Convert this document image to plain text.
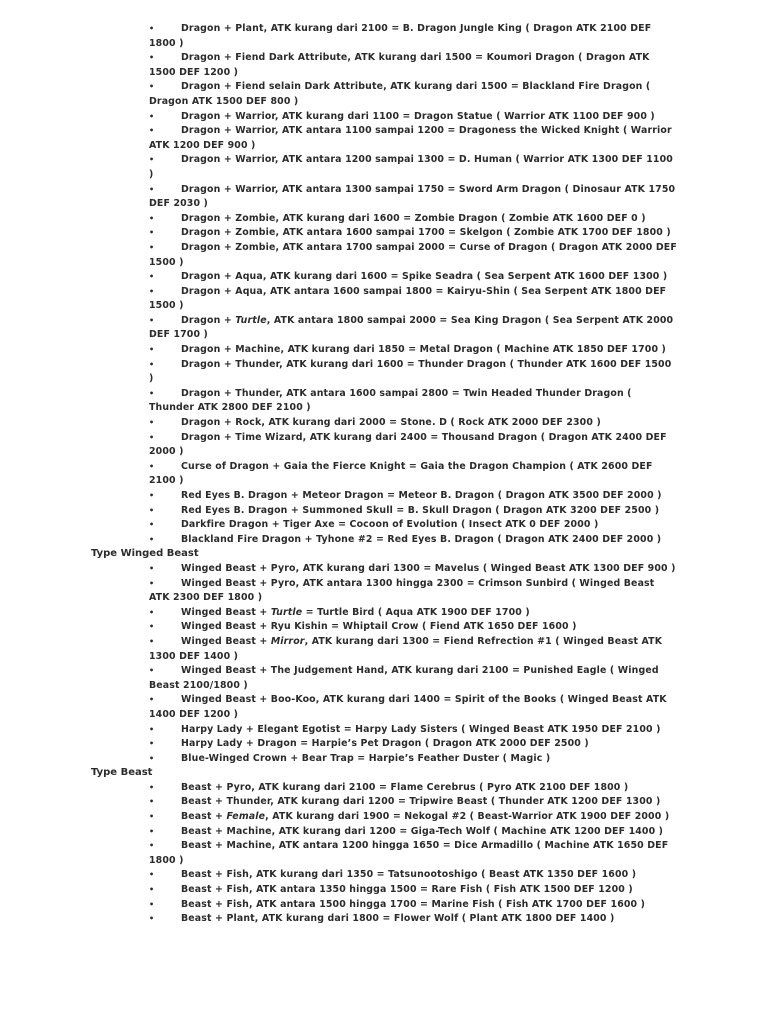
•	Dragon + Plant, ATK kurang dari 2100 = B. Dragon Jungle King ( Dragon ATK 2100 DEF 1800 )
•	Dragon + Fiend Dark Attribute, ATK kurang dari 1500 = Koumori Dragon ( Dragon ATK 1500 DEF 1200 )
•	Dragon + Fiend selain Dark Attribute, ATK kurang dari 1500 = Blackland Fire Dragon ( Dragon ATK 1500 DEF 800 )
•	Dragon + Warrior, ATK kurang dari 1100 = Dragon Statue ( Warrior ATK 1100 DEF 900 )
•	Dragon + Warrior, ATK antara 1100 sampai 1200 = Dragoness the Wicked Knight ( Warrior ATK 1200 DEF 900 )
•	Dragon + Warrior, ATK antara 1200 sampai 1300 = D. Human ( Warrior ATK 1300 DEF 1100 )
•	Dragon + Warrior, ATK antara 1300 sampai 1750 = Sword Arm Dragon ( Dinosaur ATK 1750 DEF 2030 )
•	Dragon + Zombie, ATK kurang dari 1600 = Zombie Dragon ( Zombie ATK 1600 DEF 0 )
•	Dragon + Zombie, ATK antara 1600 sampai 1700 = Skelgon ( Zombie ATK 1700 DEF 1800 )
•	Dragon + Zombie, ATK antara 1700 sampai 2000 = Curse of Dragon ( Dragon ATK 2000 DEF 1500 )
•	Dragon + Aqua, ATK kurang dari 1600 = Spike Seadra ( Sea Serpent ATK 1600 DEF 1300 )
•	Dragon + Aqua, ATK antara 1600 sampai 1800 = Kairyu-Shin ( Sea Serpent ATK 1800 DEF 1500 )
•	Dragon + Turtle, ATK antara 1800 sampai 2000 = Sea King Dragon ( Sea Serpent ATK 2000 DEF 1700 )
•	Dragon + Machine, ATK kurang dari 1850 = Metal Dragon ( Machine ATK 1850 DEF 1700 )
•	Dragon + Thunder, ATK kurang dari 1600 = Thunder Dragon ( Thunder ATK 1600 DEF 1500 )
•	Dragon + Thunder, ATK antara 1600 sampai 2800 = Twin Headed Thunder Dragon ( Thunder ATK 2800 DEF 2100 )
•	Dragon + Rock, ATK kurang dari 2000 = Stone. D ( Rock ATK 2000 DEF 2300 )
•	Dragon + Time Wizard, ATK kurang dari 2400 = Thousand Dragon ( Dragon ATK 2400 DEF 2000 )
•	Curse of Dragon + Gaia the Fierce Knight = Gaia the Dragon Champion ( ATK 2600 DEF 2100 )
•	Red Eyes B. Dragon + Meteor Dragon = Meteor B. Dragon ( Dragon ATK 3500 DEF 2000 )
•	Red Eyes B. Dragon + Summoned Skull = B. Skull Dragon ( Dragon ATK 3200 DEF 2500 )
•	Darkfire Dragon + Tiger Axe = Cocoon of Evolution ( Insect ATK 0 DEF 2000 )
•	Blackland Fire Dragon + Tyhone #2 = Red Eyes B. Dragon ( Dragon ATK 2400 DEF 2000 )
Type Winged Beast
•	Winged Beast + Pyro, ATK kurang dari 1300 = Mavelus ( Winged Beast ATK 1300 DEF 900 )
•	Winged Beast + Pyro, ATK antara 1300 hingga 2300 = Crimson Sunbird ( Winged Beast ATK 2300 DEF 1800 )
•	Winged Beast + Turtle = Turtle Bird ( Aqua ATK 1900 DEF 1700 )
•	Winged Beast + Ryu Kishin = Whiptail Crow ( Fiend ATK 1650 DEF 1600 )
•	Winged Beast + Mirror, ATK kurang dari 1300 = Fiend Refrection #1 ( Winged Beast ATK 1300 DEF 1400 )
•	Winged Beast + The Judgement Hand, ATK kurang dari 2100 = Punished Eagle ( Winged Beast 2100/1800 )
•	Winged Beast + Boo-Koo, ATK kurang dari 1400 = Spirit of the Books ( Winged Beast ATK 1400 DEF 1200 )
•	Harpy Lady + Elegant Egotist = Harpy Lady Sisters ( Winged Beast ATK 1950 DEF 2100 )
•	Harpy Lady + Dragon = Harpie’s Pet Dragon ( Dragon ATK 2000 DEF 2500 )
•	Blue-Winged Crown + Bear Trap = Harpie’s Feather Duster ( Magic )
Type Beast
•	Beast + Pyro, ATK kurang dari 2100 = Flame Cerebrus ( Pyro ATK 2100 DEF 1800 )
•	Beast + Thunder, ATK kurang dari 1200 = Tripwire Beast ( Thunder ATK 1200 DEF 1300 )
•	Beast + Female, ATK kurang dari 1900 = Nekogal #2 ( Beast-Warrior ATK 1900 DEF 2000 )
•	Beast + Machine, ATK kurang dari 1200 = Giga-Tech Wolf ( Machine ATK 1200 DEF 1400 )
•	Beast + Machine, ATK antara 1200 hingga 1650 = Dice Armadillo ( Machine ATK 1650 DEF 1800 )
•	Beast + Fish, ATK kurang dari 1350 = Tatsunootoshigo ( Beast ATK 1350 DEF 1600 )
•	Beast + Fish, ATK antara 1350 hingga 1500 = Rare Fish ( Fish ATK 1500 DEF 1200 )
•	Beast + Fish, ATK antara 1500 hingga 1700 = Marine Fish ( Fish ATK 1700 DEF 1600 )
•	Beast + Plant, ATK kurang dari 1800 = Flower Wolf ( Plant ATK 1800 DEF 1400 )
